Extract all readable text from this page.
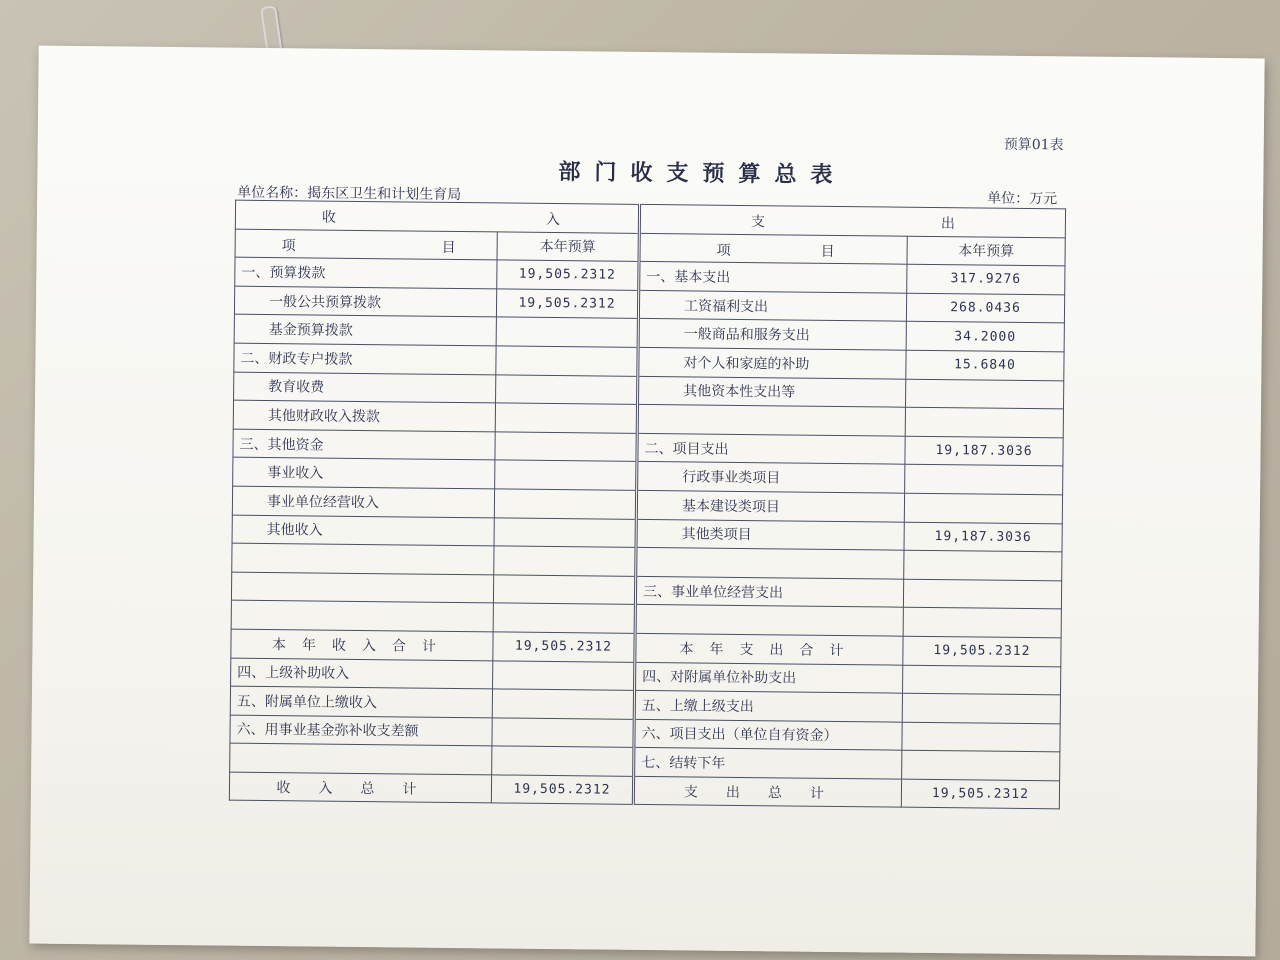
预算01表
部门收支预算总表
单位名称：揭东区卫生和计划生育局	单位：万元
收 入		支 出	

项 目	本年预算	项 目	本年预算
一、预算拨款	19,505.2312	一、基本支出	317.9276
一般公共预算拨款	19,505.2312	工资福利支出	268.0436
基金预算拨款		一般商品和服务支出	34.2000
二、财政专户拨款		对个人和家庭的补助	15.6840
教育收费		其他资本性支出等	
其他财政收入拨款			
三、其他资金		二、项目支出	19,187.3036
事业收入		行政事业类项目	
事业单位经营收入		基本建设类项目	
其他收入		其他类项目	19,187.3036

		三、事业单位经营支出	

本年收入合计	19,505.2312	本年支出合计	19,505.2312
四、上级补助收入		四、对附属单位补助支出	
五、附属单位上缴收入		五、上缴上级支出	
六、用事业基金弥补收支差额		六、项目支出（单位自有资金）	
		七、结转下年	
收入总计	19,505.2312	支出总计	19,505.2312
